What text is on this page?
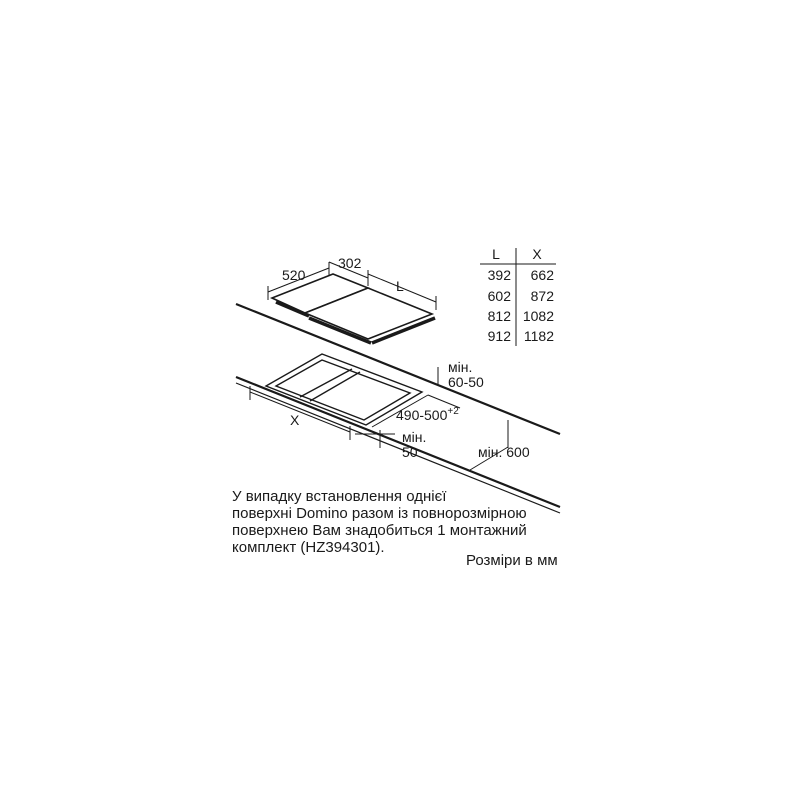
520
302
L
X	$490-500^{+2}$
мін.
50
мін.
60-50
мін. 600
L X
392 662
602 872
812 1082
912 1182

У випадку встановлення однієї
поверхні Domino разом із повнорозмірною
поверхнею Вам знадобиться 1 монтажний
комплект (HZ394301).

Розміри в мм
